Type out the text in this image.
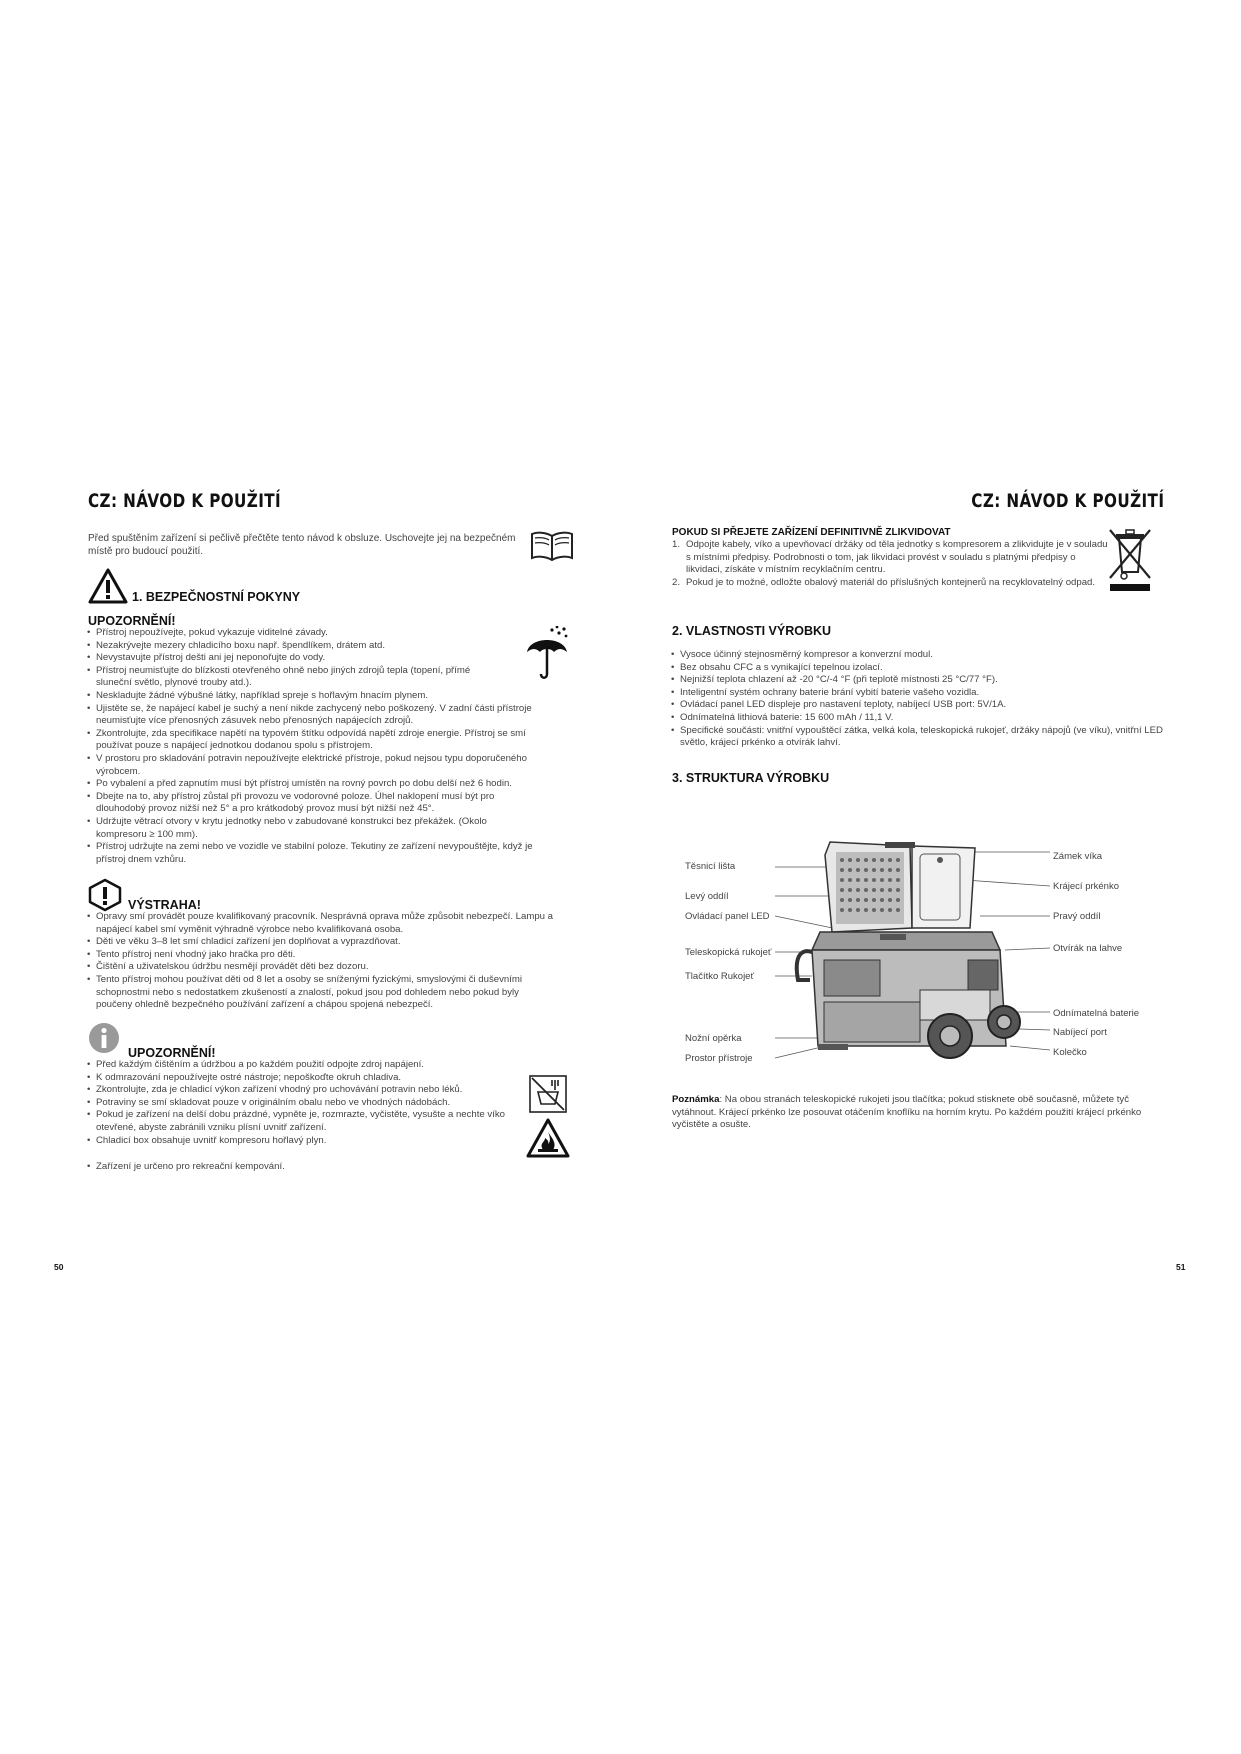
CZ: NÁVOD K POUŽITÍ
Před spuštěním zařízení si pečlivě přečtěte tento návod k obsluze. Uschovejte jej na bezpečném místě pro budoucí použití.
1. BEZPEČNOSTNÍ POKYNY
UPOZORNĚNÍ!
• Přístroj nepoužívejte, pokud vykazuje viditelné závady.
• Nezakrývejte mezery chladicího boxu např. špendlíkem, drátem atd.
• Nevystavujte přístroj dešti ani jej neponořujte do vody.
• Přístroj neumisťujte do blízkosti otevřeného ohně nebo jiných zdrojů tepla (topení, přímé sluneční světlo, plynové trouby atd.).
• Neskladujte žádné výbušné látky, například spreje s hořlavým hnacím plynem.
• Ujistěte se, že napájecí kabel je suchý a není nikde zachycený nebo poškozený. V zadní části přístroje neumisťujte více přenosných zásuvek nebo přenosných napájecích zdrojů.
• Zkontrolujte, zda specifikace napětí na typovém štítku odpovídá napětí zdroje energie. Přístroj se smí používat pouze s napájecí jednotkou dodanou spolu s přístrojem.
• V prostoru pro skladování potravin nepoužívejte elektrické přístroje, pokud nejsou typu doporučeného výrobcem.
• Po vybalení a před zapnutím musí být přístroj umístěn na rovný povrch po dobu delší než 6 hodin.
• Dbejte na to, aby přístroj zůstal při provozu ve vodorovné poloze. Úhel naklopení musí být pro dlouhodobý provoz nižší než 5° a pro krátkodobý provoz musí být nižší než 45°.
• Udržujte větrací otvory v krytu jednotky nebo v zabudované konstrukci bez překážek. (Okolo kompresoru ≥ 100 mm).
• Přístroj udržujte na zemi nebo ve vozidle ve stabilní poloze. Tekutiny ze zařízení nevypouštějte, když je přístroj dnem vzhůru.
VÝSTRAHA!
• Opravy smí provádět pouze kvalifikovaný pracovník. Nesprávná oprava může způsobit nebezpečí. Lampu a napájecí kabel smí vyměnit výhradně výrobce nebo kvalifikovaná osoba.
• Děti ve věku 3–8 let smí chladicí zařízení jen doplňovat a vyprazdňovat.
• Tento přístroj není vhodný jako hračka pro děti.
• Čištění a uživatelskou údržbu nesmějí provádět děti bez dozoru.
• Tento přístroj mohou používat děti od 8 let a osoby se sníženými fyzickými, smyslovými či duševními schopnostmi nebo s nedostatkem zkušeností a znalostí, pokud jsou pod dohledem nebo pokud byly poučeny ohledně bezpečného používání zařízení a chápou spojená nebezpečí.
UPOZORNĚNÍ!
• Před každým čištěním a údržbou a po každém použití odpojte zdroj napájení.
• K odmrazování nepoužívejte ostré nástroje; nepoškoďte okruh chladiva.
• Zkontrolujte, zda je chladicí výkon zařízení vhodný pro uchovávání potravin nebo léků.
• Potraviny se smí skladovat pouze v originálním obalu nebo ve vhodných nádobách.
• Pokud je zařízení na delší dobu prázdné, vypněte je, rozmrazte, vyčistěte, vysušte a nechte víko otevřené, abyste zabránili vzniku plísní uvnitř zařízení.
• Chladicí box obsahuje uvnitř kompresoru hořlavý plyn.
• Zařízení je určeno pro rekreační kempování.
50
CZ: NÁVOD K POUŽITÍ
POKUD SI PŘEJETE ZAŘÍZENÍ DEFINITIVNĚ ZLIKVIDOVAT
1. Odpojte kabely, víko a upevňovací držáky od těla jednotky s kompresorem a zlikvidujte je v souladu s místními předpisy. Podrobnosti o tom, jak likvidaci provést v souladu s platnými předpisy o likvidaci, získáte v místním recyklačním centru.
2. Pokud je to možné, odložte obalový materiál do příslušných kontejnerů na recyklovatelný odpad.
2. VLASTNOSTI VÝROBKU
• Vysoce účinný stejnosměrný kompresor a konverzní modul.
• Bez obsahu CFC a s vynikající tepelnou izolací.
• Nejnižší teplota chlazení až -20 °C/-4 °F (při teplotě místnosti 25 °C/77 °F).
• Inteligentní systém ochrany baterie brání vybití baterie vašeho vozidla.
• Ovládací panel LED displeje pro nastavení teploty, nabíjecí USB port: 5V/1A.
• Odnímatelná lithiová baterie: 15 600 mAh / 11,1 V.
• Specifické součásti: vnitřní vypouštěcí zátka, velká kola, teleskopická rukojeť, držáky nápojů (ve víku), vnitřní LED světlo, krájecí prkénko a otvírák lahví.
3. STRUKTURA VÝROBKU
Těsnicí lišta
Levý oddíl
Ovládací panel LED
Teleskopická rukojeť
Tlačítko Rukojeť
Nožní opěrka
Prostor přístroje
Zámek víka
Krájecí prkénko
Pravý oddíl
Otvírák na lahve
Odnímatelná baterie
Nabíjecí port
Kolečko
Poznámka: Na obou stranách teleskopické rukojeti jsou tlačítka; pokud stisknete obě současně, můžete tyč vytáhnout. Krájecí prkénko lze posouvat otáčením knoflíku na horním krytu. Po každém použití krájecí prkénko vyčistěte a osušte.
51
